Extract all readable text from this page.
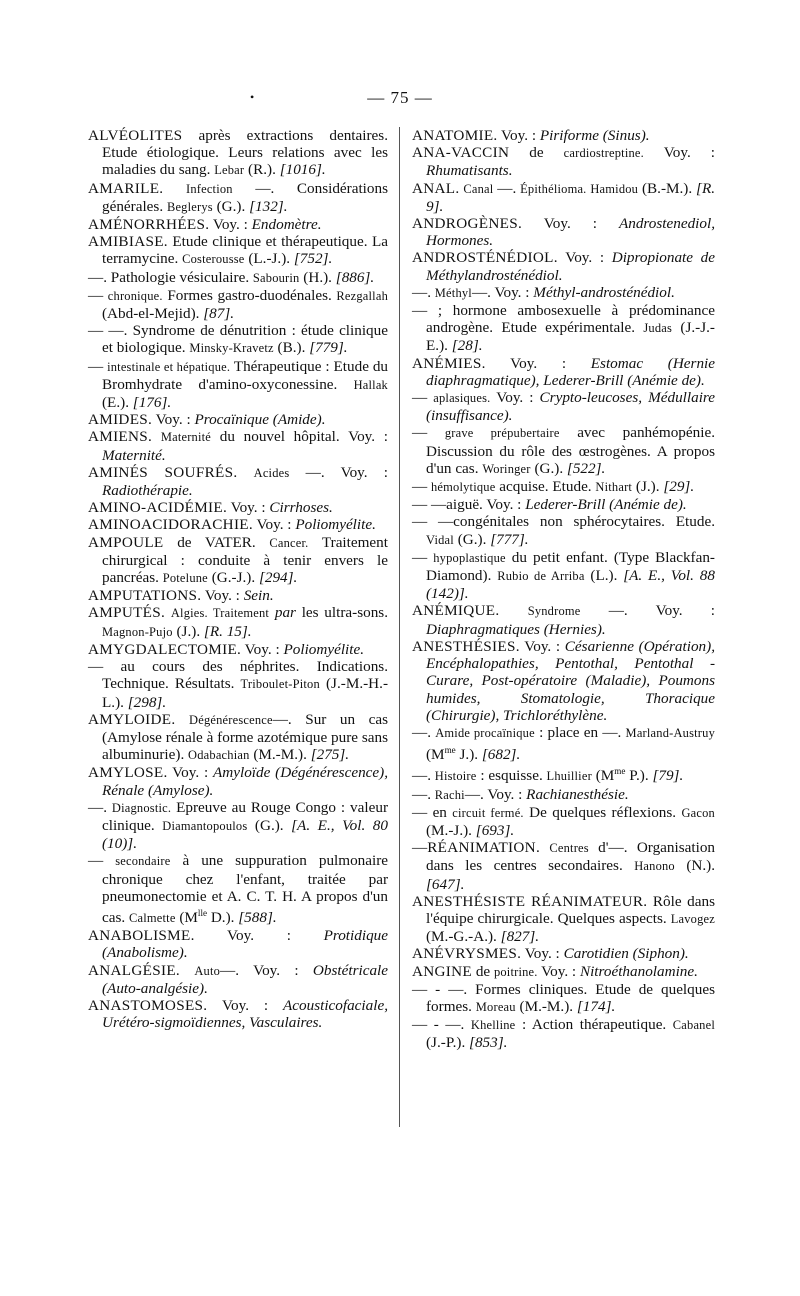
•	— 75 —

ALVÉOLITES après extractions dentaires. Etude étiologique. Leurs relations avec les maladies du sang. Lebar (R.). [1016].

AMARILE. Infection —. Considérations générales. Beglerys (G.). [132].

AMÉNORRHÉES. Voy. : Endomètre.

AMIBIASE. Etude clinique et thérapeutique. La terramycine. Costerousse (L.-J.). [752].

—. Pathologie vésiculaire. Sabourin (H.). [886].

— chronique. Formes gastro-duodénales. Rezgallah (Abd-el-Mejid). [87].

— —. Syndrome de dénutrition : étude clinique et biologique. Minsky-Kravetz (B.). [779].

— intestinale et hépatique. Thérapeutique : Etude du Bromhydrate d'amino-oxyconessine. Hallak (E.). [176].

AMIDES. Voy. : Procaïnique (Amide).

AMIENS. Maternité du nouvel hôpital. Voy. : Maternité.

AMINÉS SOUFRÉS. Acides —. Voy. : Radiothérapie.

AMINO-ACIDÉMIE. Voy. : Cirrhoses.

AMINOACIDORACHIE. Voy. : Poliomyélite.

AMPOULE de VATER. Cancer. Traitement chirurgical : conduite à tenir envers le pancréas. Potelune (G.-J.). [294].

AMPUTATIONS. Voy. : Sein.

AMPUTÉS. Algies. Traitement par les ultra-sons. Magnon-Pujo (J.). [R. 15].

AMYGDALECTOMIE. Voy. : Poliomyélite.

— au cours des néphrites. Indications. Technique. Résultats. Triboulet-Piton (J.-M.-H.-L.). [298].

AMYLOIDE. Dégénérescence—. Sur un cas (Amylose rénale à forme azotémique pure sans albuminurie). Odabachian (M.-M.). [275].

AMYLOSE. Voy. : Amyloïde (Dégénérescence), Rénale (Amylose).

—. Diagnostic. Epreuve au Rouge Congo : valeur clinique. Diamantopoulos (G.). [A. E., Vol. 80 (10)].

— secondaire à une suppuration pulmonaire chronique chez l'enfant, traitée par pneumonectomie et A. C. T. H. A propos d'un cas. Calmette ($M^{lle}$ D.). [588].

ANABOLISME. Voy. : Protidique (Anabolisme).

ANALGÉSIE. Auto—. Voy. : Obstétricale (Auto-analgésie).

ANASTOMOSES. Voy. : Acousticofaciale, Urétéro-sigmoïdiennes, Vasculaires.

ANATOMIE. Voy. : Piriforme (Sinus).

ANA-VACCIN de cardiostreptine. Voy. : Rhumatisants.

ANAL. Canal —. Épithélioma. Hamidou (B.-M.). [R. 9].

ANDROGÈNES. Voy. : Androstenediol, Hormones.

ANDROSTÉNÉDIOL. Voy. : Dipropionate de Méthylandrosténédiol.

—. Méthyl—. Voy. : Méthyl-androsténédiol.

— ; hormone ambosexuelle à prédominance androgène. Etude expérimentale. Judas (J.-J.-E.). [28].

ANÉMIES. Voy. : Estomac (Hernie diaphragmatique), Lederer-Brill (Anémie de).

— aplasiques. Voy. : Crypto-leucoses, Médullaire (insuffisance).

— grave prépubertaire avec panhémopénie. Discussion du rôle des œstrogènes. A propos d'un cas. Woringer (G.). [522].

— hémolytique acquise. Etude. Nithart (J.). [29].

— —aiguë. Voy. : Lederer-Brill (Anémie de).

— —congénitales non sphérocytaires. Etude. Vidal (G.). [777].

— hypoplastique du petit enfant. (Type Blackfan-Diamond). Rubio de Arriba (L.). [A. E., Vol. 88 (142)].

ANÉMIQUE. Syndrome —. Voy. : Diaphragmatiques (Hernies).

ANESTHÉSIES. Voy. : Césarienne (Opération), Encéphalopathies, Pentothal, Pentothal - Curare, Post-opératoire (Maladie), Poumons humides, Stomatologie, Thoracique (Chirurgie), Trichloréthylène.

—. Amide procaïnique : place en —. Marland-Austruy ($M^{me}$ J.). [682].

—. Histoire : esquisse. Lhuillier ($M^{me}$ P.). [79].

—. Rachi—. Voy. : Rachianesthésie.

— en circuit fermé. De quelques réflexions. Gacon (M.-J.). [693].

—RÉANIMATION. Centres d'—. Organisation dans les centres secondaires. Hanono (N.). [647].

ANESTHÉSISTE RÉANIMATEUR. Rôle dans l'équipe chirurgicale. Quelques aspects. Lavogez (M.-G.-A.). [827].

ANÉVRYSMES. Voy. : Carotidien (Siphon).

ANGINE de poitrine. Voy. : Nitroéthanolamine.

— - —. Formes cliniques. Etude de quelques formes. Moreau (M.-M.). [174].

— - —. Khelline : Action thérapeutique. Cabanel (J.-P.). [853].
